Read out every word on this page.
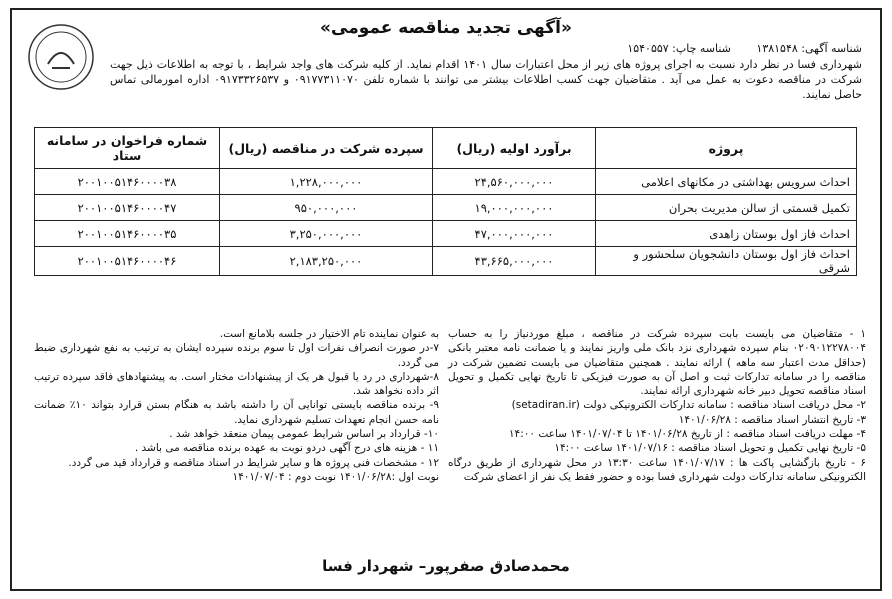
«آگهی تجدید مناقصه عمومی»
شناسه آگهی: ۱۳۸۱۵۴۸ شناسه چاپ: ۱۵۴۰۵۵۷
شهرداری فسا در نظر دارد نسبت به اجرای پروژه های زیر از محل اعتبارات سال ۱۴۰۱ اقدام نماید. از کلیه شرکت های واجد شرایط ، با توجه به اطلاعات ذیل جهت شرکت در مناقصه دعوت به عمل می آید . متقاضیان جهت کسب اطلاعات بیشتر می توانند با شماره تلفن ۰۹۱۷۷۳۱۱۰۷۰ و ۰۹۱۷۳۳۲۶۵۳۷ اداره امورمالی تماس حاصل نمایند.
پروژه	برآورد اولیه (ریال)	سپرده شرکت در مناقصه (ریال)	شماره فراخوان در سامانه ستاد
احداث سرویس بهداشتی در مکانهای اعلامی	۲۴,۵۶۰,۰۰۰,۰۰۰	۱,۲۲۸,۰۰۰,۰۰۰	۲۰۰۱۰۰۵۱۴۶۰۰۰۰۳۸
تکمیل قسمتی از سالن مدیریت بحران	۱۹,۰۰۰,۰۰۰,۰۰۰	۹۵۰,۰۰۰,۰۰۰	۲۰۰۱۰۰۵۱۴۶۰۰۰۰۴۷
احداث فاز اول بوستان زاهدی	۴۷,۰۰۰,۰۰۰,۰۰۰	۳,۲۵۰,۰۰۰,۰۰۰	۲۰۰۱۰۰۵۱۴۶۰۰۰۰۳۵
احداث فاز اول بوستان دانشجویان سلحشور و شرقی	۴۳,۶۶۵,۰۰۰,۰۰۰	۲,۱۸۳,۲۵۰,۰۰۰	۲۰۰۱۰۰۵۱۴۶۰۰۰۰۴۶

۱ - متقاضیان می بایست بابت سپرده شرکت در مناقصه ، مبلغ موردنیاز را به حساب ۰۲۰۹۰۱۲۲۷۸۰۰۴ بنام سپرده شهرداری نزد بانک ملی واریز نمایند و یا ضمانت نامه معتبر بانکی (حداقل مدت اعتبار سه ماهه ) ارائه نمایند . همچنین متقاضیان می بایست تضمین شرکت در مناقصه را در سامانه تدارکات ثبت و اصل آن به صورت فیزیکی تا تاریخ نهایی تکمیل و تحویل اسناد مناقصه تحویل دبیر خانه شهرداری ارائه نمایند.

۲- محل دریافت اسناد مناقصه : سامانه تدارکات الکترونیکی دولت (setadiran.ir)

۳- تاریخ انتشار اسناد مناقصه : ۱۴۰۱/۰۶/۲۸

۴- مهلت دریافت اسناد مناقصه : از تاریخ ۱۴۰۱/۰۶/۲۸ تا ۱۴۰۱/۰۷/۰۴ ساعت ۱۴:۰۰

۵- تاریخ نهایی تکمیل و تحویل اسناد مناقصه : ۱۴۰۱/۰۷/۱۶ ساعت ۱۴:۰۰

۶ - تاریخ بازگشایی پاکت ها : ۱۴۰۱/۰۷/۱۷ ساعت ۱۳:۳۰ در محل شهرداری از طریق درگاه الکترونیکی سامانه تدارکات دولت شهرداری فسا بوده و حضور فقط یک نفر از اعضای شرکت

به عنوان نماینده تام الاختیار در جلسه بلامانع است.

۷-در صورت انصراف نفرات اول تا سوم برنده سپرده ایشان به ترتیب به نفع شهرداری ضبط می گردد.

۸-شهرداری در رد یا قبول هر یک از پیشنهادات مختار است. به پیشنهادهای فاقد سپرده ترتیب اثر داده نخواهد شد.

۹- برنده مناقصه بایستی توانایی آن را داشته باشد به هنگام بستن قرارد بتواند ۱۰٪ ضمانت نامه حسن انجام تعهدات تسلیم شهرداری نماید.

۱۰- قرارداد بر اساس شرایط عمومی پیمان منعقد خواهد شد .

۱۱ - هزینه های درج آگهی دردو نوبت به عهده برنده مناقصه می باشد .

۱۲ - مشخصات فنی پروژه ها و سایر شرایط در اسناد مناقصه و قرارداد قید می گردد.

نوبت اول :۱۴۰۱/۰۶/۲۸ نوبت دوم : ۱۴۰۱/۰۷/۰۴

محمدصادق صفرپور– شهردار فسا
